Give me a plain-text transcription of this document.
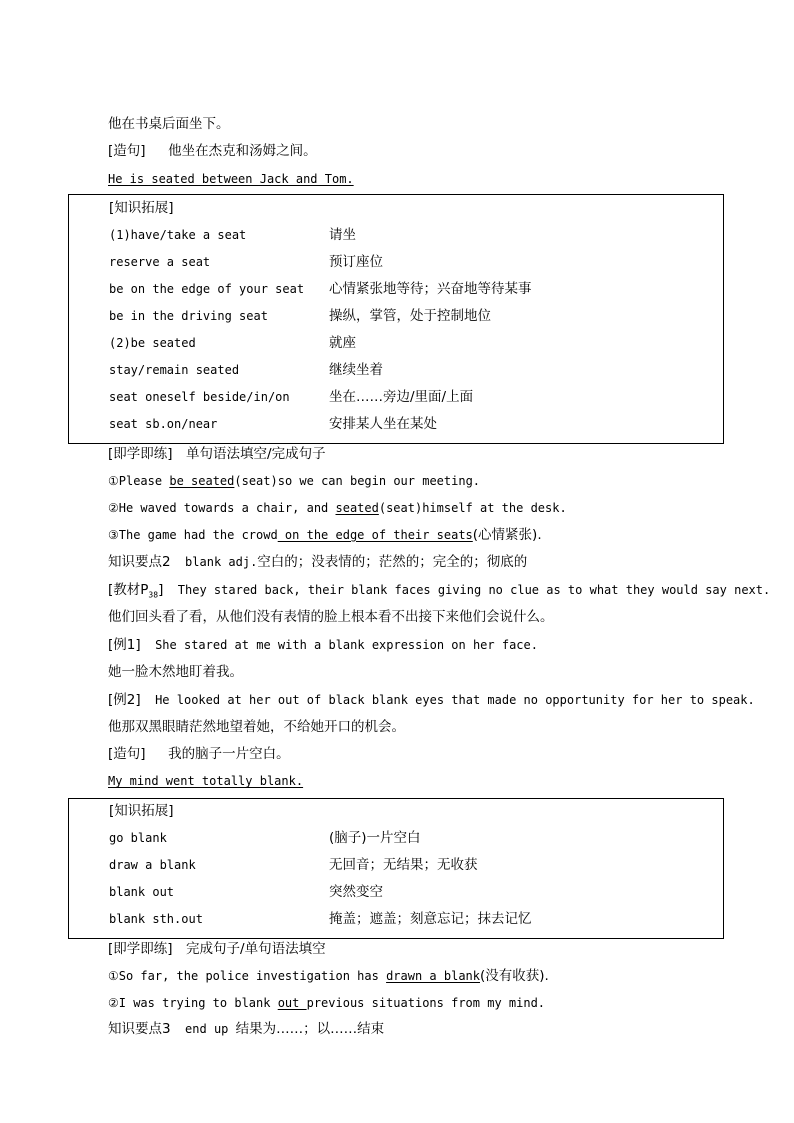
他在书桌后面坐下。
[造句] 他坐在杰克和汤姆之间。
He is seated between Jack and Tom.
[知识拓展]
(1)have/take a seat	请坐
reserve a seat	预订座位
be on the edge of your seat 心情紧张地等待；兴奋地等待某事
be in the driving seat	操纵，掌管，处于控制地位
(2)be seated	就座
stay/remain seated	继续坐着
seat oneself beside/in/on	坐在……旁边/里面/上面
seat sb.on/near	安排某人坐在某处
[即学即练]　单句语法填空/完成句子
①Please be seated(seat)so we can begin our meeting.
②He waved towards a chair, and seated(seat)himself at the desk.
③The game had the crowd on the edge of their seats(心情紧张).
知识要点2  blank adj.空白的；没表情的；茫然的；完全的；彻底的
[教材$P_{38}$]  They stared back, their blank faces giving no clue as to what they would say next.
他们回头看了看，从他们没有表情的脸上根本看不出接下来他们会说什么。
[例1]  She stared at me with a blank expression on her face.
她一脸木然地盯着我。
[例2]  He looked at her out of black blank eyes that made no opportunity for her to speak.
他那双黑眼睛茫然地望着她，不给她开口的机会。
[造句] 我的脑子一片空白。
My mind went totally blank.
[知识拓展]
go blank	(脑子)一片空白
draw a blank	无回音；无结果；无收获
blank out	突然变空
blank sth.out	掩盖；遮盖；刻意忘记；抹去记忆
[即学即练]　完成句子/单句语法填空
①So far, the police investigation has drawn a blank(没有收获).
②I was trying to blank out previous situations from my mind.
知识要点3  end up 结果为……；以……结束
